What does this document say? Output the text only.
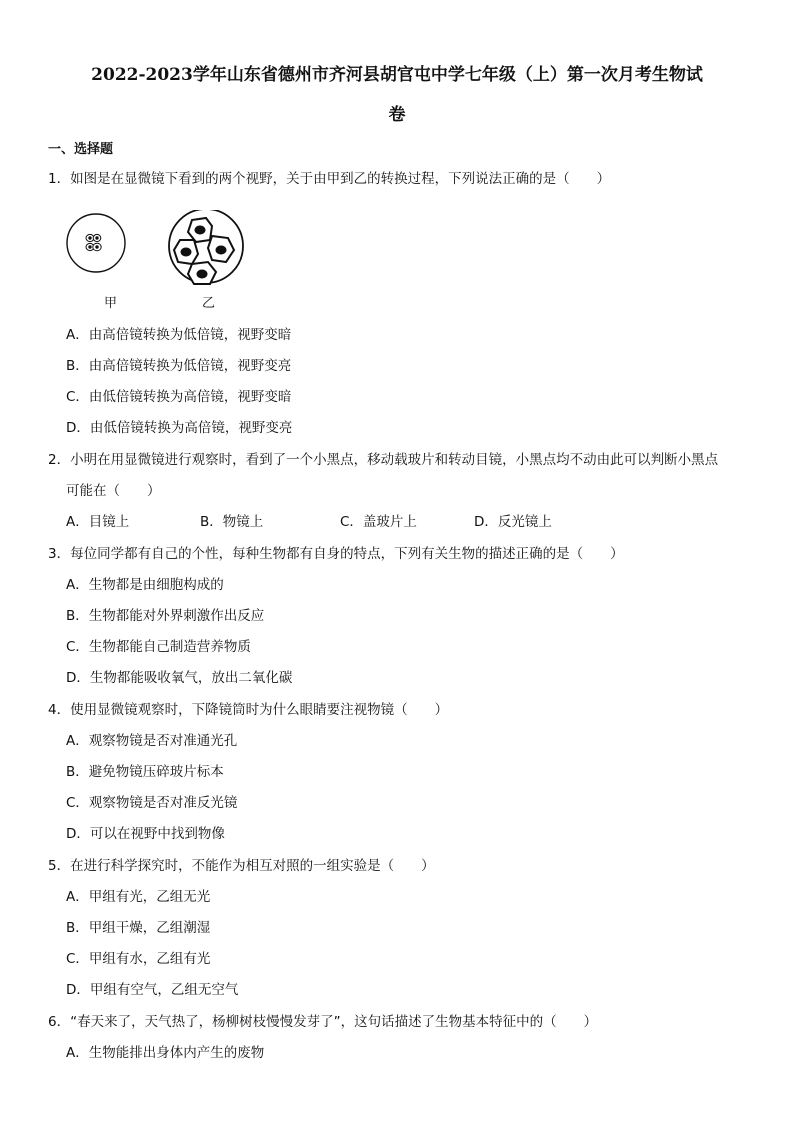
2022-2023学年山东省德州市齐河县胡官屯中学七年级（上）第一次月考生物试
卷
一、选择题
1．如图是在显微镜下看到的两个视野，关于由甲到乙的转换过程，下列说法正确的是（　　）
甲	乙
A．由高倍镜转换为低倍镜，视野变暗
B．由高倍镜转换为低倍镜，视野变亮
C．由低倍镜转换为高倍镜，视野变暗
D．由低倍镜转换为高倍镜，视野变亮
2．小明在用显微镜进行观察时，看到了一个小黑点，移动载玻片和转动目镜，小黑点均不动由此可以判断小黑点
可能在（　　）
A．目镜上	B．物镜上	C．盖玻片上	D．反光镜上
3．每位同学都有自己的个性，每种生物都有自身的特点，下列有关生物的描述正确的是（　　）
A．生物都是由细胞构成的
B．生物都能对外界刺激作出反应
C．生物都能自己制造营养物质
D．生物都能吸收氧气，放出二氧化碳
4．使用显微镜观察时，下降镜筒时为什么眼睛要注视物镜（　　）
A．观察物镜是否对准通光孔
B．避免物镜压碎玻片标本
C．观察物镜是否对准反光镜
D．可以在视野中找到物像
5．在进行科学探究时，不能作为相互对照的一组实验是（　　）
A．甲组有光，乙组无光
B．甲组干燥，乙组潮湿
C．甲组有水，乙组有光
D．甲组有空气，乙组无空气
6．“春天来了，天气热了，杨柳树枝慢慢发芽了”，这句话描述了生物基本特征中的（　　）
A．生物能排出身体内产生的废物
